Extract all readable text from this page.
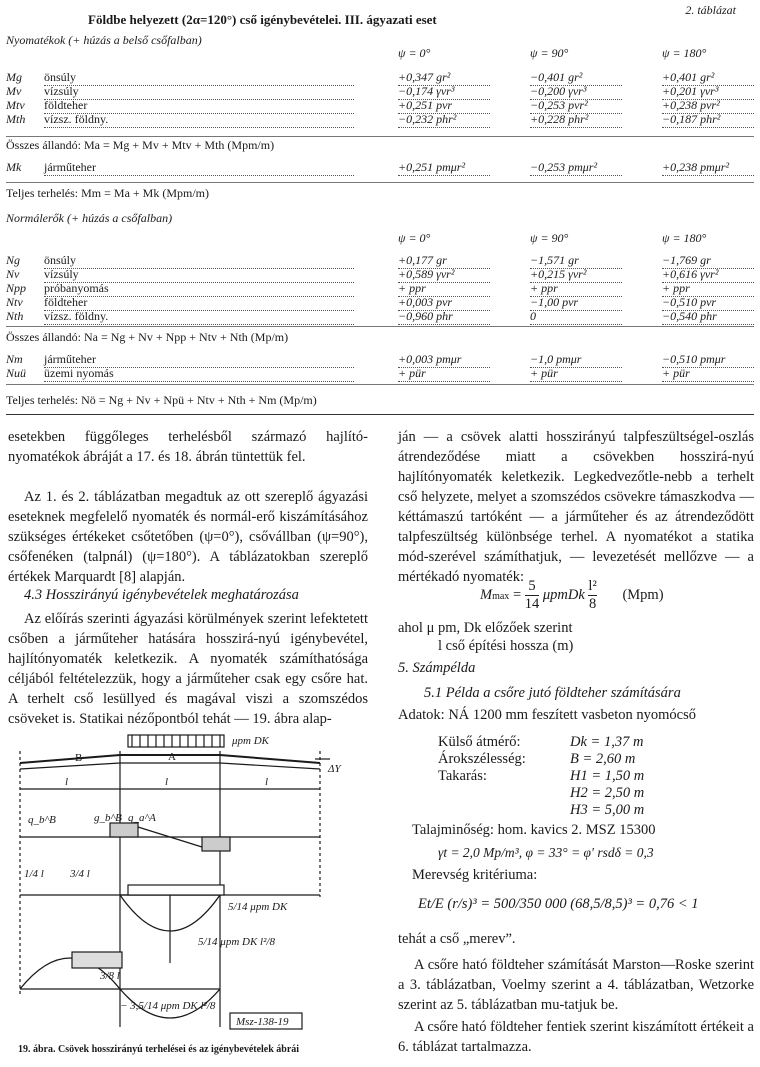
2. táblázat
Földbe helyezett (2α=120°) cső igénybevételei. III. ágyazati eset
Nyomatékok (+ húzás a belső csőfalban)
ψ = 0°	ψ = 90°	ψ = 180°
Mg önsúly	+0,347 gr²	−0,401 gr²	+0,401 gr²
Mv vízsúly	−0,174 γvr³	−0,200 γvr³	+0,201 γvr³
Mtv földteher	+0,251 pvr	−0,253 pvr²	+0,238 pvr²
Mth vízsz. földny.	−0,232 phr²	+0,228 phr²	−0,187 phr²
Összes állandó: Ma = Mg + Mv + Mtv + Mth (Mpm/m)
Mk járműteher	+0,251 pmμr²	−0,253 pmμr²	+0,238 pmμr²
Teljes terhelés: Mm = Ma + Mk (Mpm/m)
Normálerők (+ húzás a csőfalban)
ψ = 0°	ψ = 90°	ψ = 180°
Ng önsúly	+0,177 gr	−1,571 gr	−1,769 gr
Nv vízsúly	+0,589 γvr²	+0,215 γvr²	+0,616 γvr²
Npp próbanyomás	+ ppr	+ ppr	+ ppr
Ntv földteher	+0,003 pvr	−1,00 pvr	−0,510 pvr
Nth vízsz. földny.	−0,960 phr	0	−0,540 phr
Összes állandó: Na = Ng + Nv + Npp + Ntv + Nth (Mp/m)
Nm járműteher	+0,003 pmμr	−1,0 pmμr	−0,510 pmμr
Nuü üzemi nyomás	+ pür	+ pür	+ pür
Teljes terhelés: Nö = Ng + Nv + Npü + Ntv + Nth + Nm (Mp/m)
esetekben függőleges terhelésből származó hajlító-nyomatékok ábráját a 17. és 18. ábrán tüntettük fel.
Az 1. és 2. táblázatban megadtuk az ott szereplő ágyazási eseteknek megfelelő nyomaték és normál-erő kiszámításához szükséges értékeket csőtetőben (ψ=0°), csővállban (ψ=90°), csőfenéken (talpnál) (ψ=180°). A táblázatokban szereplő értékek Marquardt [8] alapján.
4.3 Hosszirányú igénybevételek meghatározása
Az előírás szerinti ágyazási körülmények szerint lefektetett csőben a járműteher hatására hosszirá-nyú igénybevétel, hajlítónyomaték keletkezik. A nyomaték számíthatósága céljából feltételezzük, hogy a járműteher csak egy csőre hat. A terhelt cső lesüllyed és magával viszi a szomszédos csöveket is. Statikai nézőpontból tehát — 19. ábra alap-
μpm DK
ΔY
B	A
l	l	l
q_b^B	g_b^B q_a^A
1/4 l 3/4 l
5/14 μpm DK
5/14 μpm DK l²/8
3/8 l
− 3,5/14 μpm DK l²/8
Msz-138-19
19. ábra. Csövek hosszirányú terhelései és az igénybevételek ábrái
ján — a csövek alatti hosszirányú talpfeszültségel-oszlás átrendeződése miatt a csövekben hosszirá-nyú hajlítónyomaték keletkezik. Legkedvezőtle-nebb a terhelt cső helyzete, melyet a szomszédos csövekre támaszkodva — kéttámaszú tartóként — a járműteher és az átrendeződött talpfeszültség különbsége terhel. A nyomatékot a statika mód-szerével számíthatjuk, — levezetését mellőzve — a mértékadó nyomaték:
$Mmax = \frac{5}{14}$ μpmDk $\frac{\text{l²}}{8} (Mpm)$
ahol μ pm, Dk előzőek szerint
l cső építési hossza (m)
5. Számpélda
5.1 Példa a csőre jutó földteher számítására
Adatok: NÁ 1200 mm feszített vasbeton nyomócső
Külső átmérő:	Dk = 1,37 m
Árokszélesség:	B = 2,60 m
Takarás:	H1 = 1,50 m
H2 = 2,50 m
H3 = 5,00 m
Talajminőség: hom. kavics 2. MSZ 15300
γt = 2,0 Mp/m³, φ = 33° = φ′ rsdδ = 0,3
Merevség kritériuma:
Et/E (r/s)³ = 500/350 000 (68,5/8,5)³ = 0,76 < 1
tehát a cső „merev”.
A csőre ható földteher számítását Marston—Roske szerint a 3. táblázatban, Voelmy szerint a 4. táblázatban, Wetzorke szerint az 5. táblázatban mu-tatjuk be.
A csőre ható földteher fentiek szerint kiszámított értékeit a 6. táblázat tartalmazza.
